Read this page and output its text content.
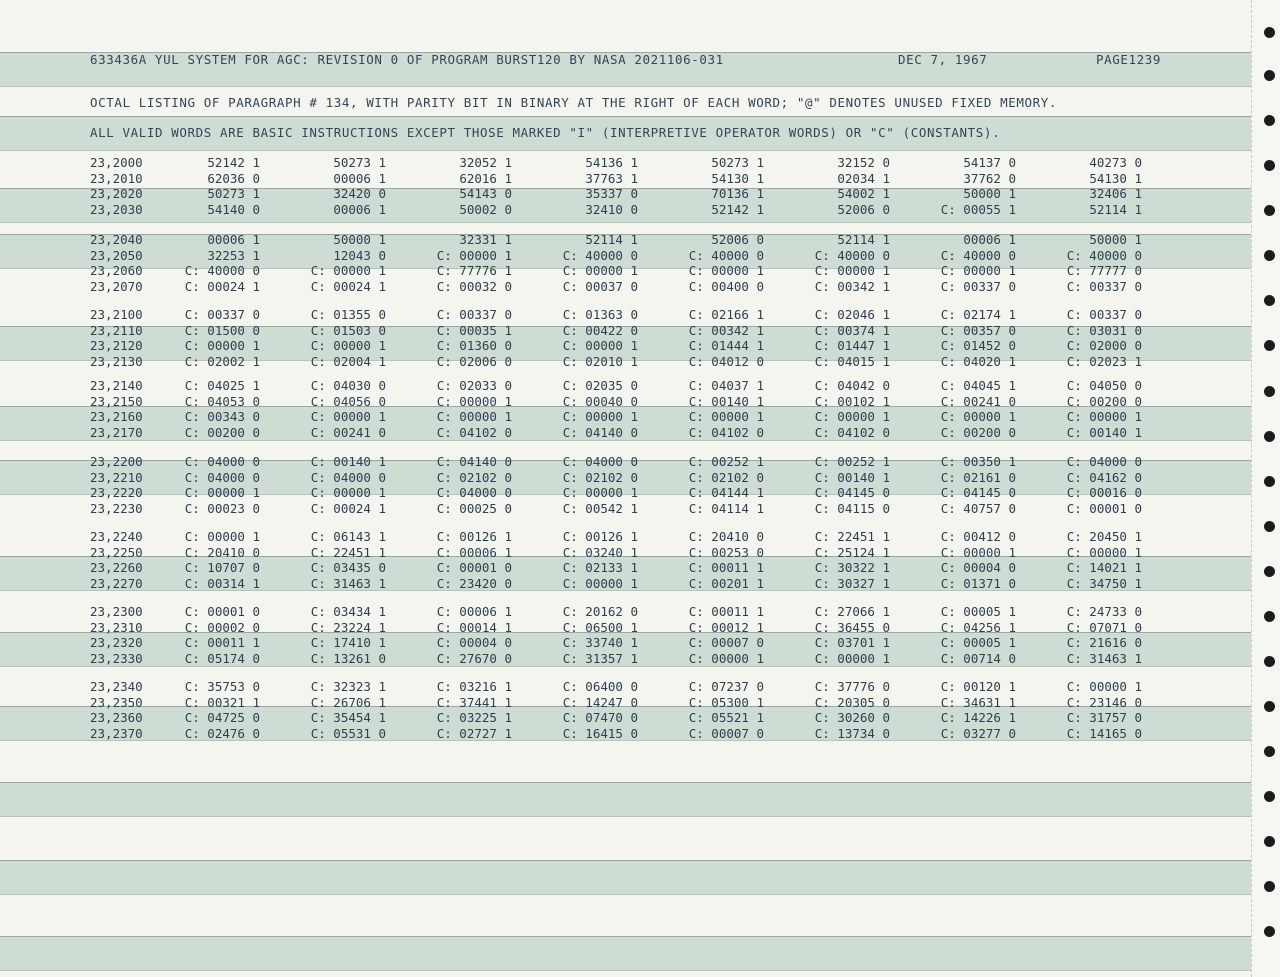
633436A YUL SYSTEM FOR AGC: REVISION 0 OF PROGRAM BURST120 BY NASA 2021106-031	DEC 7, 1967	PAGE1239
OCTAL LISTING OF PARAGRAPH # 134, WITH PARITY BIT IN BINARY AT THE RIGHT OF EACH WORD; "@" DENOTES UNUSED FIXED MEMORY.
ALL VALID WORDS ARE BASIC INSTRUCTIONS EXCEPT THOSE MARKED "I" (INTERPRETIVE OPERATOR WORDS) OR "C" (CONSTANTS).
23,2000	52142 1	50273 1	32052 1	54136 1	50273 1	32152 0	54137 0	40273 0
23,2010	62036 0	00006 1	62016 1	37763 1	54130 1	02034 1	37762 0	54130 1
23,2020	50273 1	32420 0	54143 0	35337 0	70136 1	54002 1	50000 1	32406 1
23,2030	54140 0	00006 1	50002 0	32410 0	52142 1	52006 0	C: 00055 1	52114 1
23,2040	00006 1	50000 1	32331 1	52114 1	52006 0	52114 1	00006 1	50000 1
23,2050	32253 1	12043 0	C: 00000 1	C: 40000 0	C: 40000 0	C: 40000 0	C: 40000 0	C: 40000 0
23,2060	C: 40000 0	C: 00000 1	C: 77776 1	C: 00000 1	C: 00000 1	C: 00000 1	C: 00000 1	C: 77777 0
23,2070	C: 00024 1	C: 00024 1	C: 00032 0	C: 00037 0	C: 00400 0	C: 00342 1	C: 00337 0	C: 00337 0
23,2100	C: 00337 0	C: 01355 0	C: 00337 0	C: 01363 0	C: 02166 1	C: 02046 1	C: 02174 1	C: 00337 0
23,2110	C: 01500 0	C: 01503 0	C: 00035 1	C: 00422 0	C: 00342 1	C: 00374 1	C: 00357 0	C: 03031 0
23,2120	C: 00000 1	C: 00000 1	C: 01360 0	C: 00000 1	C: 01444 1	C: 01447 1	C: 01452 0	C: 02000 0
23,2130	C: 02002 1	C: 02004 1	C: 02006 0	C: 02010 1	C: 04012 0	C: 04015 1	C: 04020 1	C: 02023 1
23,2140	C: 04025 1	C: 04030 0	C: 02033 0	C: 02035 0	C: 04037 1	C: 04042 0	C: 04045 1	C: 04050 0
23,2150	C: 04053 0	C: 04056 0	C: 00000 1	C: 00040 0	C: 00140 1	C: 00102 1	C: 00241 0	C: 00200 0
23,2160	C: 00343 0	C: 00000 1	C: 00000 1	C: 00000 1	C: 00000 1	C: 00000 1	C: 00000 1	C: 00000 1
23,2170	C: 00200 0	C: 00241 0	C: 04102 0	C: 04140 0	C: 04102 0	C: 04102 0	C: 00200 0	C: 00140 1
23,2200	C: 04000 0	C: 00140 1	C: 04140 0	C: 04000 0	C: 00252 1	C: 00252 1	C: 00350 1	C: 04000 0
23,2210	C: 04000 0	C: 04000 0	C: 02102 0	C: 02102 0	C: 02102 0	C: 00140 1	C: 02161 0	C: 04162 0
23,2220	C: 00000 1	C: 00000 1	C: 04000 0	C: 00000 1	C: 04144 1	C: 04145 0	C: 04145 0	C: 00016 0
23,2230	C: 00023 0	C: 00024 1	C: 00025 0	C: 00542 1	C: 04114 1	C: 04115 0	C: 40757 0	C: 00001 0
23,2240	C: 00000 1	C: 06143 1	C: 00126 1	C: 00126 1	C: 20410 0	C: 22451 1	C: 00412 0	C: 20450 1
23,2250	C: 20410 0	C: 22451 1	C: 00006 1	C: 03240 1	C: 00253 0	C: 25124 1	C: 00000 1	C: 00000 1
23,2260	C: 10707 0	C: 03435 0	C: 00001 0	C: 02133 1	C: 00011 1	C: 30322 1	C: 00004 0	C: 14021 1
23,2270	C: 00314 1	C: 31463 1	C: 23420 0	C: 00000 1	C: 00201 1	C: 30327 1	C: 01371 0	C: 34750 1
23,2300	C: 00001 0	C: 03434 1	C: 00006 1	C: 20162 0	C: 00011 1	C: 27066 1	C: 00005 1	C: 24733 0
23,2310	C: 00002 0	C: 23224 1	C: 00014 1	C: 06500 1	C: 00012 1	C: 36455 0	C: 04256 1	C: 07071 0
23,2320	C: 00011 1	C: 17410 1	C: 00004 0	C: 33740 1	C: 00007 0	C: 03701 1	C: 00005 1	C: 21616 0
23,2330	C: 05174 0	C: 13261 0	C: 27670 0	C: 31357 1	C: 00000 1	C: 00000 1	C: 00714 0	C: 31463 1
23,2340	C: 35753 0	C: 32323 1	C: 03216 1	C: 06400 0	C: 07237 0	C: 37776 0	C: 00120 1	C: 00000 1
23,2350	C: 00321 1	C: 26706 1	C: 37441 1	C: 14247 0	C: 05300 1	C: 20305 0	C: 34631 1	C: 23146 0
23,2360	C: 04725 0	C: 35454 1	C: 03225 1	C: 07470 0	C: 05521 1	C: 30260 0	C: 14226 1	C: 31757 0
23,2370	C: 02476 0	C: 05531 0	C: 02727 1	C: 16415 0	C: 00007 0	C: 13734 0	C: 03277 0	C: 14165 0
